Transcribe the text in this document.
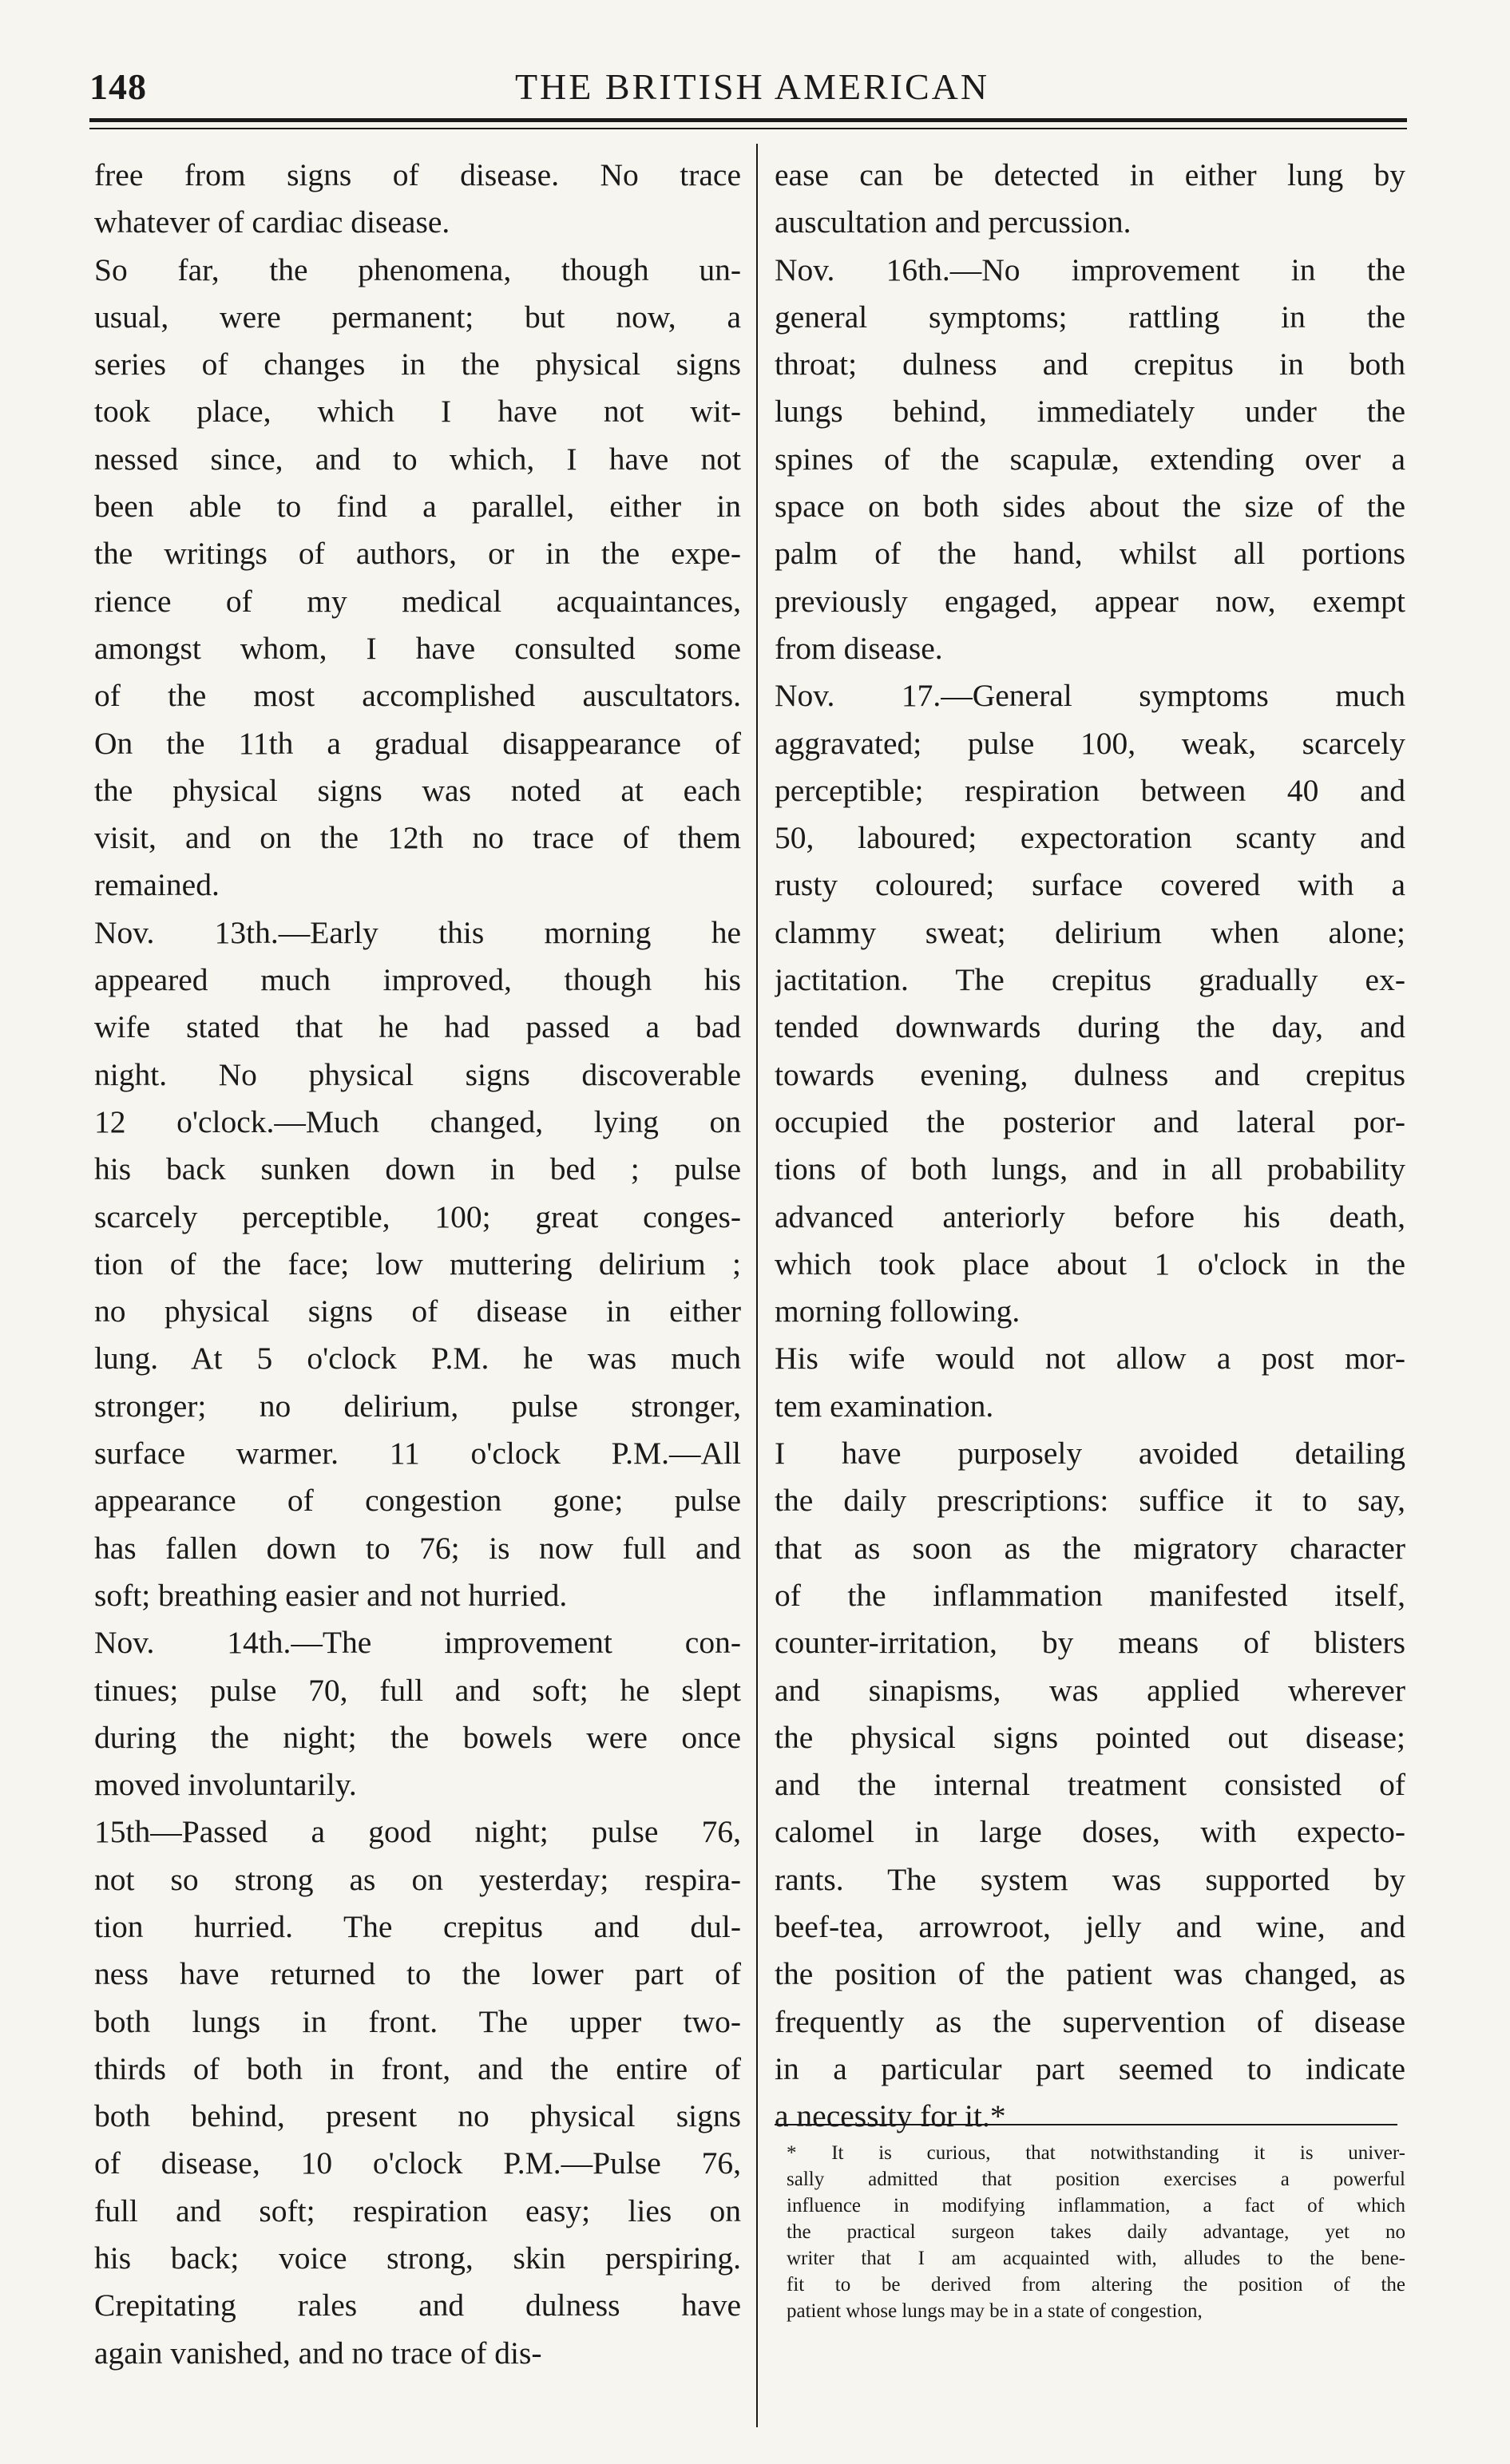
148	THE BRITISH AMERICAN
free from signs of disease. No trace
whatever of cardiac disease.
So far, the phenomena, though un-
usual, were permanent; but now, a
series of changes in the physical signs
took place, which I have not wit-
nessed since, and to which, I have not
been able to find a parallel, either in
the writings of authors, or in the expe-
rience of my medical acquaintances,
amongst whom, I have consulted some
of the most accomplished auscultators.
On the 11th a gradual disappearance of
the physical signs was noted at each
visit, and on the 12th no trace of them
remained.
Nov. 13th.—Early this morning he
appeared much improved, though his
wife stated that he had passed a bad
night. No physical signs discoverable
12 o'clock.—Much changed, lying on
his back sunken down in bed ; pulse
scarcely perceptible, 100; great conges-
tion of the face; low muttering delirium ;
no physical signs of disease in either
lung. At 5 o'clock P.M. he was much
stronger; no delirium, pulse stronger,
surface warmer. 11 o'clock P.M.—All
appearance of congestion gone; pulse
has fallen down to 76; is now full and
soft; breathing easier and not hurried.
Nov. 14th.—The improvement con-
tinues; pulse 70, full and soft; he slept
during the night; the bowels were once
moved involuntarily.
15th—Passed a good night; pulse 76,
not so strong as on yesterday; respira-
tion hurried. The crepitus and dul-
ness have returned to the lower part of
both lungs in front. The upper two-
thirds of both in front, and the entire of
both behind, present no physical signs
of disease, 10 o'clock P.M.—Pulse 76,
full and soft; respiration easy; lies on
his back; voice strong, skin perspiring.
Crepitating rales and dulness have
again vanished, and no trace of dis-
ease can be detected in either lung by
auscultation and percussion.
Nov. 16th.—No improvement in the
general symptoms; rattling in the
throat; dulness and crepitus in both
lungs behind, immediately under the
spines of the scapulæ, extending over a
space on both sides about the size of the
palm of the hand, whilst all portions
previously engaged, appear now, exempt
from disease.
Nov. 17.—General symptoms much
aggravated; pulse 100, weak, scarcely
perceptible; respiration between 40 and
50, laboured; expectoration scanty and
rusty coloured; surface covered with a
clammy sweat; delirium when alone;
jactitation. The crepitus gradually ex-
tended downwards during the day, and
towards evening, dulness and crepitus
occupied the posterior and lateral por-
tions of both lungs, and in all probability
advanced anteriorly before his death,
which took place about 1 o'clock in the
morning following.
His wife would not allow a post mor-
tem examination.
I have purposely avoided detailing
the daily prescriptions: suffice it to say,
that as soon as the migratory character
of the inflammation manifested itself,
counter-irritation, by means of blisters
and sinapisms, was applied wherever
the physical signs pointed out disease;
and the internal treatment consisted of
calomel in large doses, with expecto-
rants. The system was supported by
beef-tea, arrowroot, jelly and wine, and
the position of the patient was changed, as
frequently as the supervention of disease
in a particular part seemed to indicate
a necessity for it.*
* It is curious, that notwithstanding it is univer-
sally admitted that position exercises a powerful
influence in modifying inflammation, a fact of which
the practical surgeon takes daily advantage, yet no
writer that I am acquainted with, alludes to the bene-
fit to be derived from altering the position of the
patient whose lungs may be in a state of congestion,
